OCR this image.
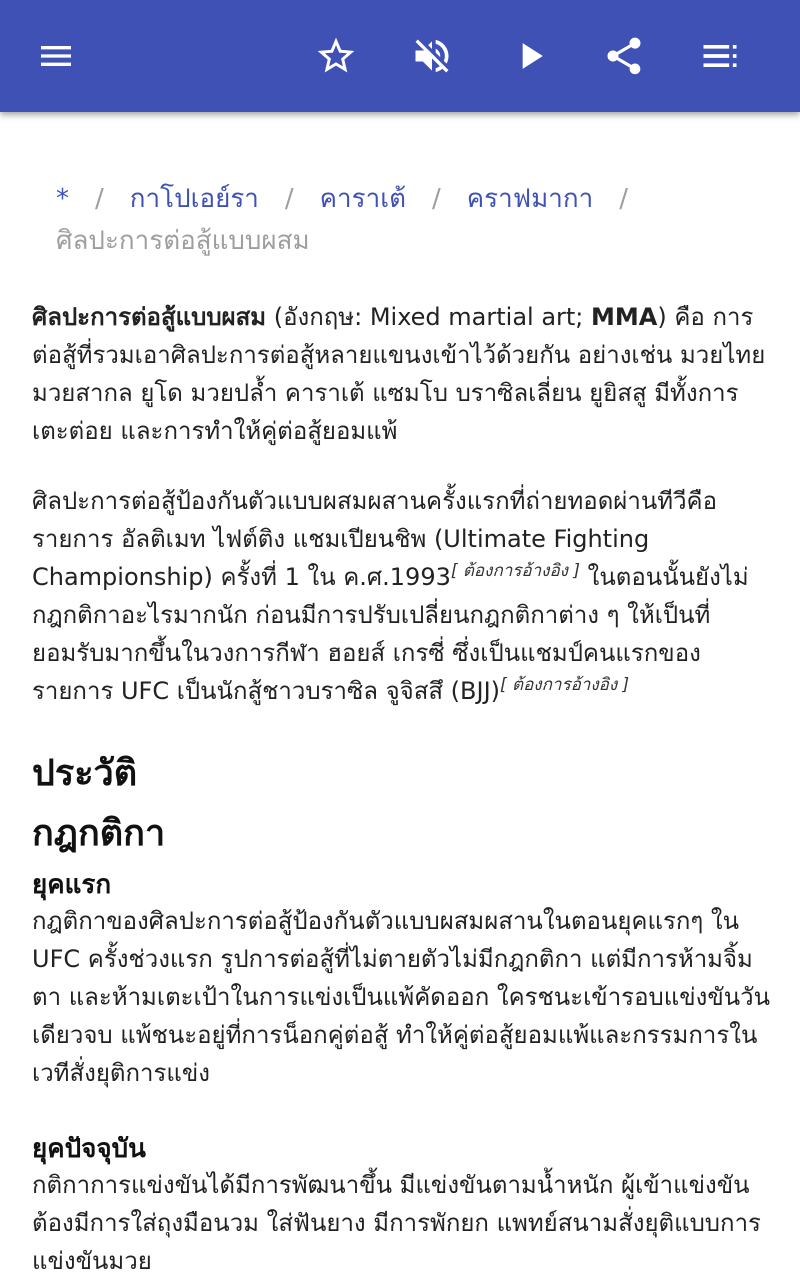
* / กาโปเอย์รา / คาราเต้ / คราฟมากา /
ศิลปะการต่อสู้แบบผสม

ศิลปะการต่อสู้แบบผสม (อังกฤษ: Mixed martial art; MMA) คือ การต่อสู้ที่รวมเอาศิลปะการต่อสู้หลายแขนงเข้าไว้ด้วยกัน อย่างเช่น มวยไทย มวยสากล ยูโด มวยปล้ำ คาราเต้ แซมโบ บราซิลเลี่ยน ยูยิสสู มีทั้งการเตะต่อย และการทำให้คู่ต่อสู้ยอมแพ้

ศิลปะการต่อสู้ป้องกันตัวแบบผสมผสานครั้งแรกที่ถ่ายทอดผ่านทีวีคือ รายการ อัลติเมท ไฟต์ติง แชมเปียนชิพ (Ultimate Fighting Championship) ครั้งที่ 1 ใน ค.ศ.1993[ ต้องการอ้างอิง ] ในตอนนั้นยังไม่กฎกติกาอะไรมากนัก ก่อนมีการปรับเปลี่ยนกฎกติกาต่าง ๆ ให้เป็นที่ยอมรับมากขึ้นในวงการกีฬา ฮอยส์ เกรซี่ ซึ่งเป็นแชมป์คนแรกของรายการ UFC เป็นนักสู้ชาวบราซิล จูจิสสึ (BJJ)[ ต้องการอ้างอิง ]

ประวัติ
กฎกติกา
ยุคแรก

กฎติกาของศิลปะการต่อสู้ป้องกันตัวแบบผสมผสานในตอนยุคแรกๆ ใน UFC ครั้งช่วงแรก รูปการต่อสู้ที่ไม่ตายตัวไม่มีกฎกติกา แต่มีการห้ามจิ้มตา และห้ามเตะเป้าในการแข่งเป็นแพ้คัดออก ใครชนะเข้ารอบแข่งขันวันเดียวจบ แพ้ชนะอยู่ที่การน็อกคู่ต่อสู้ ทำให้คู่ต่อสู้ยอมแพ้และกรรมการในเวทีสั่งยุติการแข่ง

ยุคปัจจุบัน

กติกาการแข่งขันได้มีการพัฒนาขึ้น มีแข่งขันตามน้ำหนัก ผู้เข้าแข่งขันต้องมีการใส่ถุงมือนวม ใส่ฟันยาง มีการพักยก แพทย์สนามสั่งยุติแบบการแข่งขันมวย
